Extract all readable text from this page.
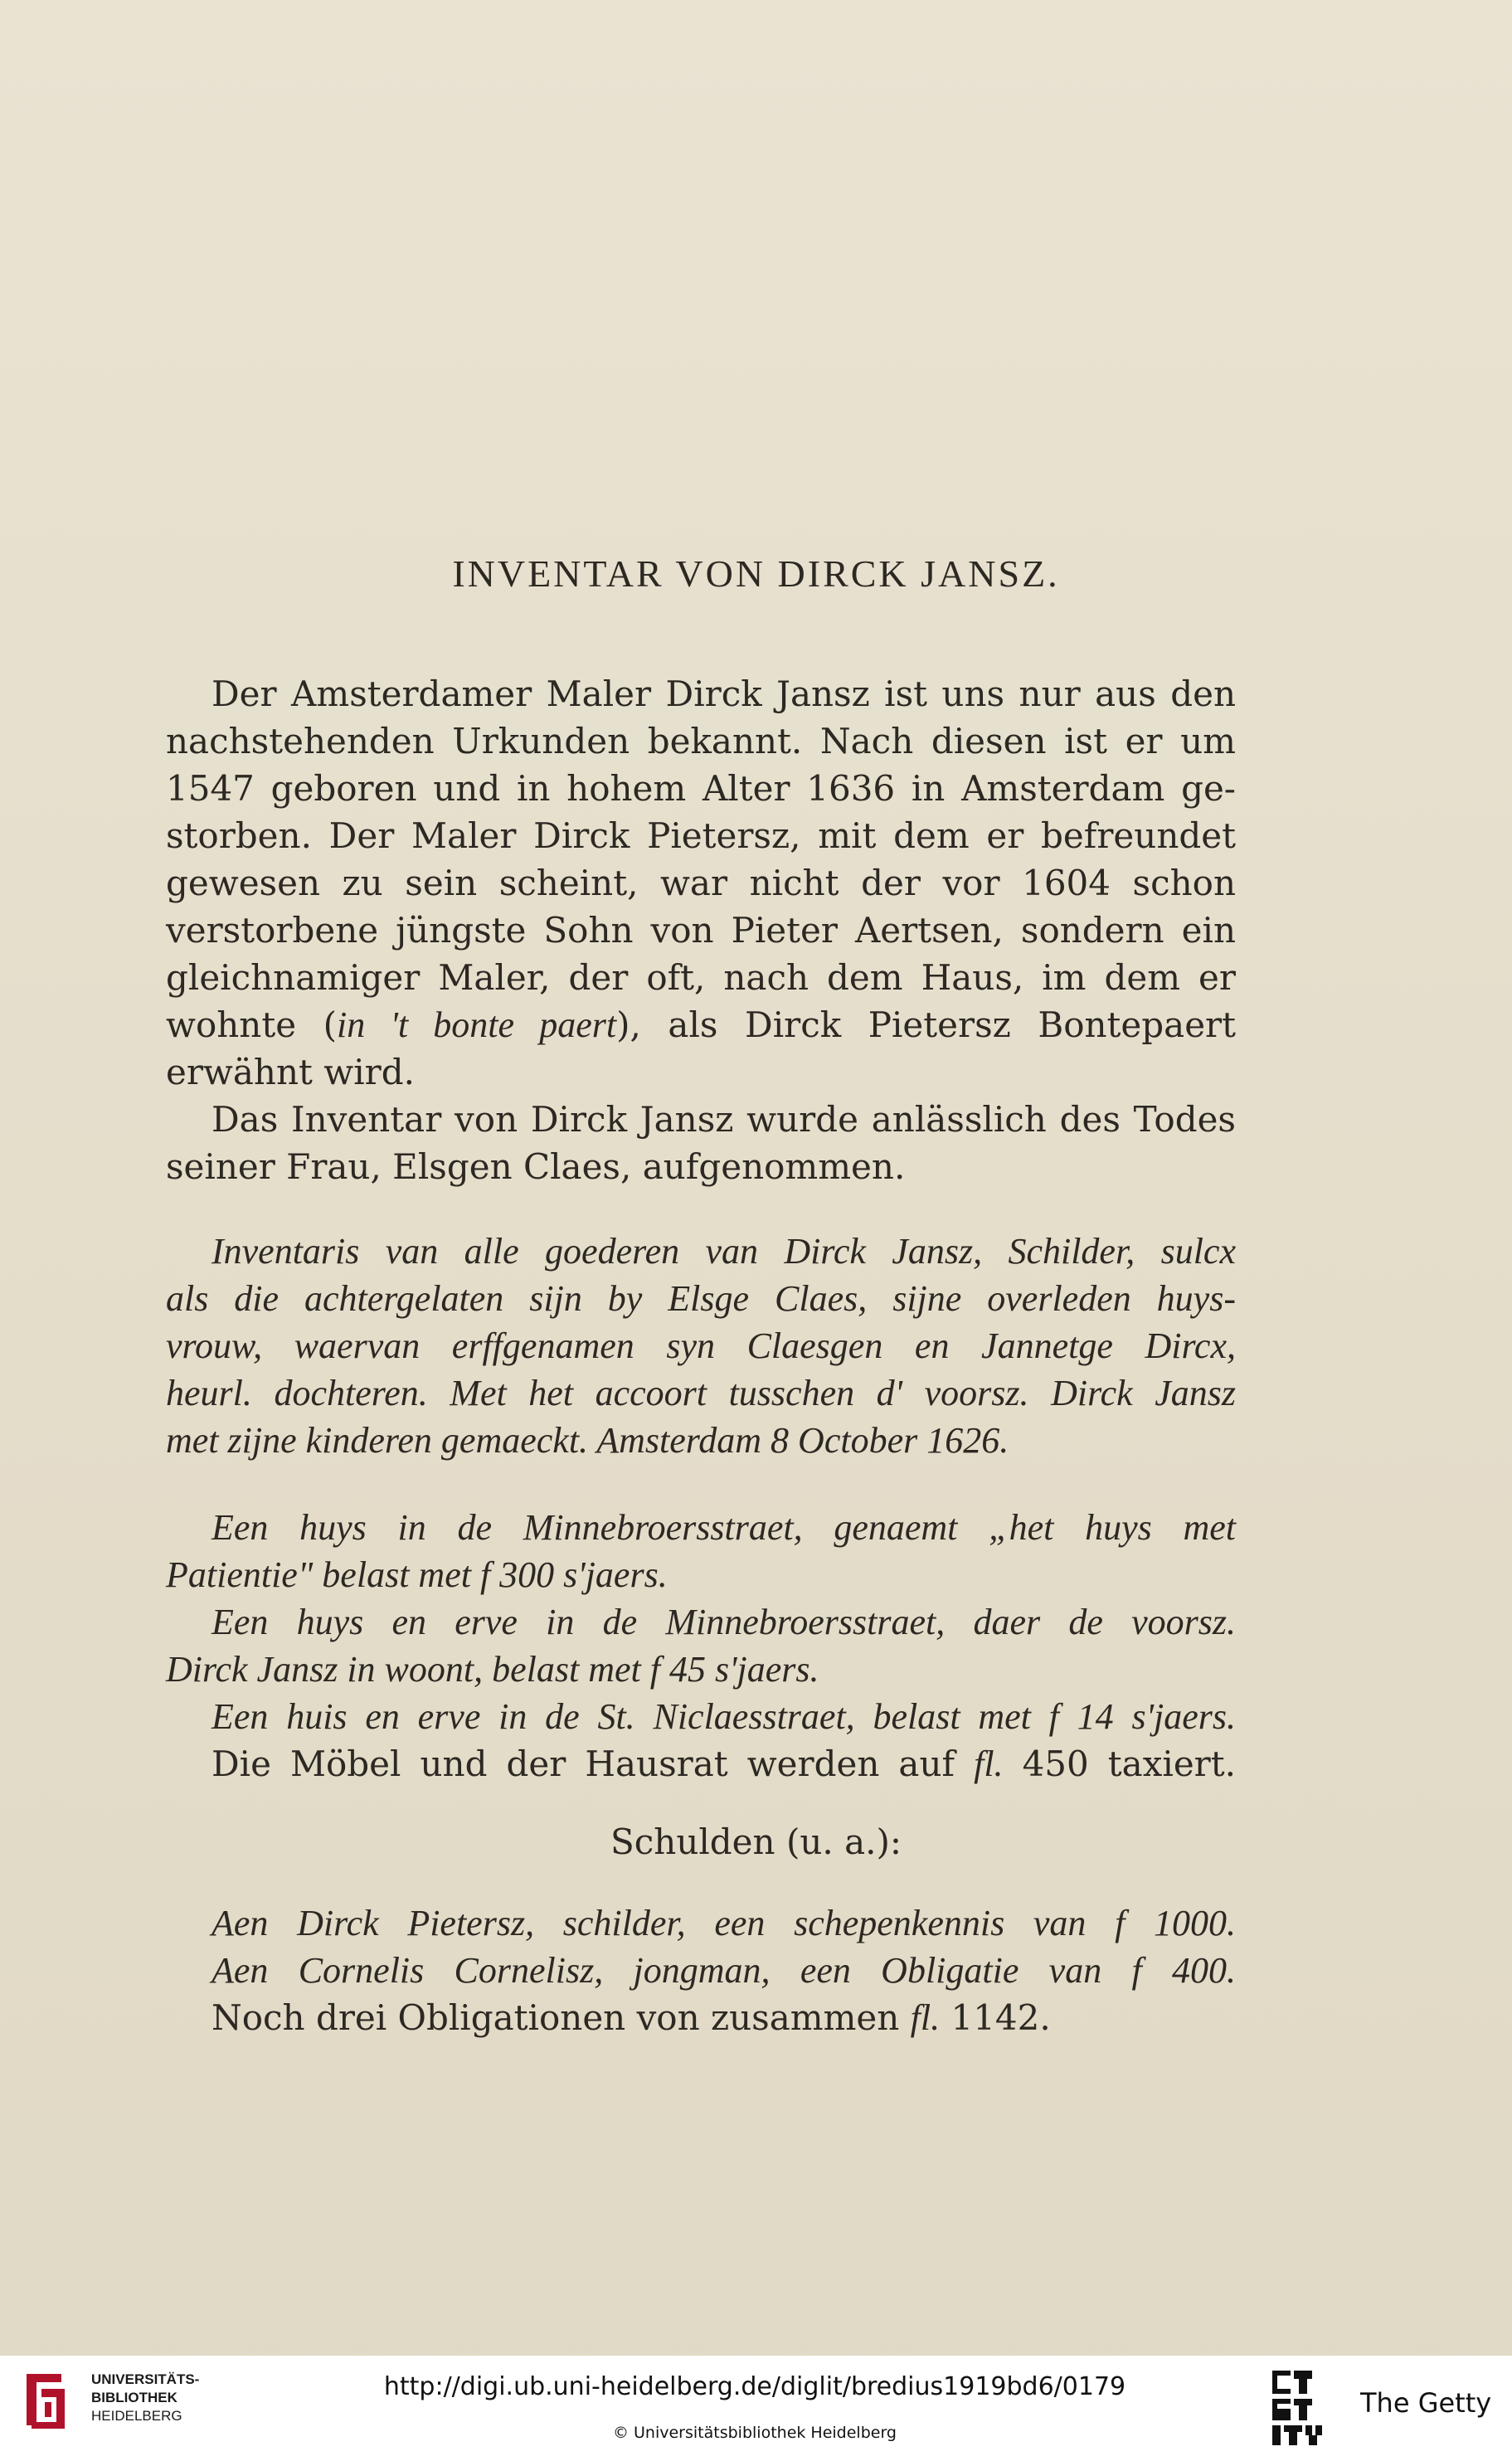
INVENTAR VON DIRCK JANSZ.
Der Amsterdamer Maler Dirck Jansz ist uns nur aus den
nachstehenden Urkunden bekannt. Nach diesen ist er um
1547 geboren und in hohem Alter 1636 in Amsterdam ge-
storben. Der Maler Dirck Pietersz, mit dem er befreundet
gewesen zu sein scheint, war nicht der vor 1604 schon
verstorbene jüngste Sohn von Pieter Aertsen, sondern ein
gleichnamiger Maler, der oft, nach dem Haus, im dem er
wohnte (in 't bonte paert), als Dirck Pietersz Bontepaert
erwähnt wird.
Das Inventar von Dirck Jansz wurde anlässlich des Todes
seiner Frau, Elsgen Claes, aufgenommen.
Inventaris van alle goederen van Dirck Jansz, Schilder, sulcx
als die achtergelaten sijn by Elsge Claes, sijne overleden huys-
vrouw, waervan erffgenamen syn Claesgen en Jannetge Dircx,
heurl. dochteren. Met het accoort tusschen d' voorsz. Dirck Jansz
met zijne kinderen gemaeckt. Amsterdam 8 October 1626.
Een huys in de Minnebroersstraet, genaemt „het huys met
Patientie" belast met f 300 s'jaers.
Een huys en erve in de Minnebroersstraet, daer de voorsz.
Dirck Jansz in woont, belast met f 45 s'jaers.
Een huis en erve in de St. Niclaesstraet, belast met f 14 s'jaers.
Die Möbel und der Hausrat werden auf fl. 450 taxiert.
Schulden (u. a.):
Aen Dirck Pietersz, schilder, een schepenkennis van f 1000.
Aen Cornelis Cornelisz, jongman, een Obligatie van f 400.
Noch drei Obligationen von zusammen fl. 1142.
UNIVERSITÄTS-
BIBLIOTHEK
HEIDELBERG
http://digi.ub.uni-heidelberg.de/diglit/bredius1919bd6/0179
© Universitätsbibliothek Heidelberg
The Getty
